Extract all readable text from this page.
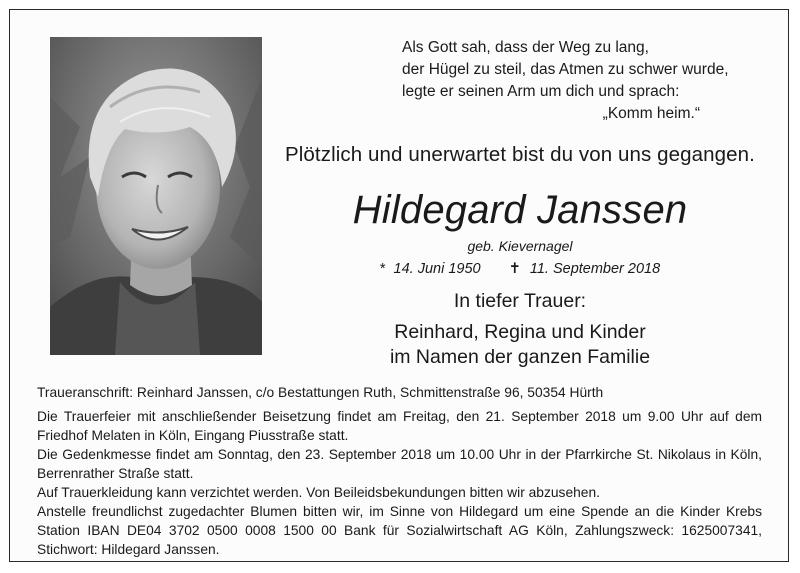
Als Gott sah, dass der Weg zu lang,
der Hügel zu steil, das Atmen zu schwer wurde,
legte er seinen Arm um dich und sprach:
„Komm heim.“
Plötzlich und unerwartet bist du von uns gegangen.
Hildegard Janssen
geb. Kievernagel
* 14. Juni 1950 ✝ 11. September 2018
In tiefer Trauer:
Reinhard, Regina und Kinder
im Namen der ganzen Familie

Traueranschrift: Reinhard Janssen, c/o Bestattungen Ruth, Schmittenstraße 96, 50354 Hürth

Die Trauerfeier mit anschließender Beisetzung findet am Freitag, den 21. September 2018 um 9.00 Uhr auf dem Friedhof Melaten in Köln, Eingang Piusstraße statt.

Die Gedenkmesse findet am Sonntag, den 23. September 2018 um 10.00 Uhr in der Pfarrkirche St. Nikolaus in Köln, Berrenrather Straße statt.

Auf Trauerkleidung kann verzichtet werden. Von Beileidsbekundungen bitten wir abzusehen.

Anstelle freundlichst zugedachter Blumen bitten wir, im Sinne von Hildegard um eine Spende an die Kinder Krebs Station IBAN DE04 3702 0500 0008 1500 00 Bank für Sozialwirtschaft AG Köln, Zahlungszweck: 1625007341, Stichwort: Hildegard Janssen.
